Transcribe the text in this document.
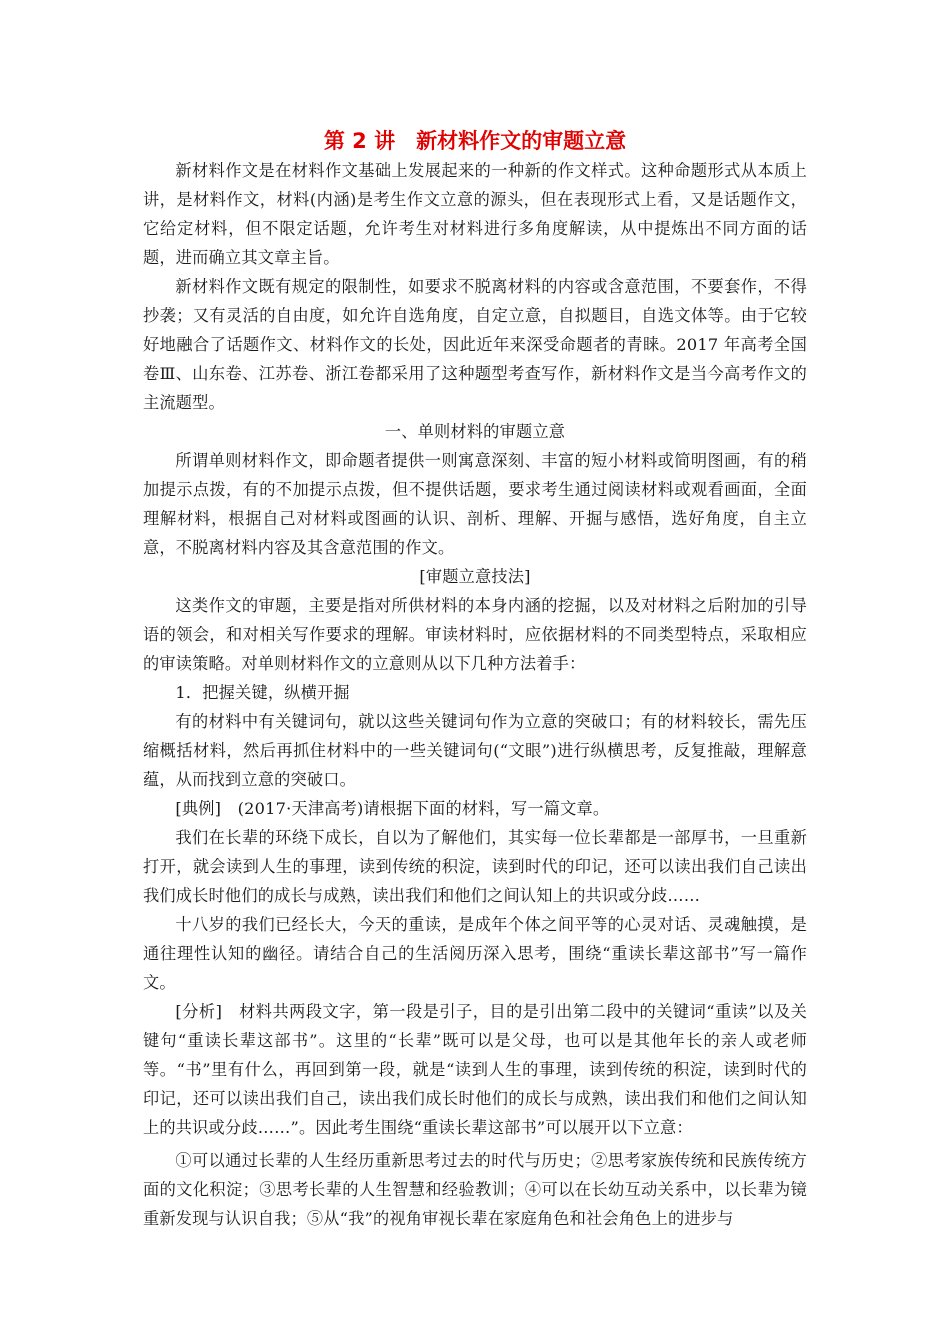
第 2 讲　新材料作文的审题立意

新材料作文是在材料作文基础上发展起来的一种新的作文样式。这种命题形式从本质上讲，是材料作文，材料(内涵)是考生作文立意的源头，但在表现形式上看，又是话题作文，它给定材料，但不限定话题，允许考生对材料进行多角度解读，从中提炼出不同方面的话题，进而确立其文章主旨。

新材料作文既有规定的限制性，如要求不脱离材料的内容或含意范围，不要套作，不得抄袭；又有灵活的自由度，如允许自选角度，自定立意，自拟题目，自选文体等。由于它较好地融合了话题作文、材料作文的长处，因此近年来深受命题者的青睐。2017 年高考全国卷Ⅲ、山东卷、江苏卷、浙江卷都采用了这种题型考查写作，新材料作文是当今高考作文的主流题型。

一、单则材料的审题立意

所谓单则材料作文，即命题者提供一则寓意深刻、丰富的短小材料或简明图画，有的稍加提示点拨，有的不加提示点拨，但不提供话题，要求考生通过阅读材料或观看画面，全面理解材料，根据自己对材料或图画的认识、剖析、理解、开掘与感悟，选好角度，自主立意，不脱离材料内容及其含意范围的作文。

[审题立意技法]

这类作文的审题，主要是指对所供材料的本身内涵的挖掘，以及对材料之后附加的引导语的领会，和对相关写作要求的理解。审读材料时，应依据材料的不同类型特点，采取相应的审读策略。对单则材料作文的立意则从以下几种方法着手：

1．把握关键，纵横开掘

有的材料中有关键词句，就以这些关键词句作为立意的突破口；有的材料较长，需先压缩概括材料，然后再抓住材料中的一些关键词句(“文眼”)进行纵横思考，反复推敲，理解意蕴，从而找到立意的突破口。

[典例]　(2017·天津高考)请根据下面的材料，写一篇文章。

我们在长辈的环绕下成长，自以为了解他们，其实每一位长辈都是一部厚书，一旦重新打开，就会读到人生的事理，读到传统的积淀，读到时代的印记，还可以读出我们自己读出我们成长时他们的成长与成熟，读出我们和他们之间认知上的共识或分歧……

十八岁的我们已经长大，今天的重读，是成年个体之间平等的心灵对话、灵魂触摸，是通往理性认知的幽径。请结合自己的生活阅历深入思考，围绕“重读长辈这部书”写一篇作文。

[分析]　材料共两段文字，第一段是引子，目的是引出第二段中的关键词“重读”以及关键句“重读长辈这部书”。这里的“长辈”既可以是父母，也可以是其他年长的亲人或老师等。“书”里有什么，再回到第一段，就是“读到人生的事理，读到传统的积淀，读到时代的印记，还可以读出我们自己，读出我们成长时他们的成长与成熟，读出我们和他们之间认知上的共识或分歧……”。因此考生围绕“重读长辈这部书”可以展开以下立意：

①可以通过长辈的人生经历重新思考过去的时代与历史；②思考家族传统和民族传统方面的文化积淀；③思考长辈的人生智慧和经验教训；④可以在长幼互动关系中，以长辈为镜重新发现与认识自我；⑤从“我”的视角审视长辈在家庭角色和社会角色上的进步与
